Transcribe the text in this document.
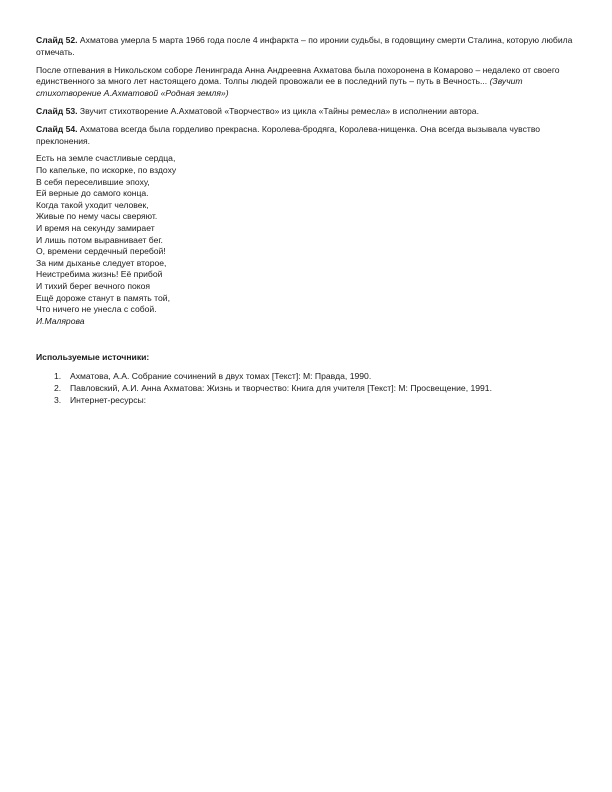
Слайд 52. Ахматова умерла 5 марта 1966 года после 4 инфаркта – по иронии судьбы, в годовщину смерти Сталина, которую любила отмечать.

После отпевания в Никольском соборе Ленинграда Анна Андреевна Ахматова была похоронена в Комарово – недалеко от своего единственного за много лет настоящего дома. Толпы людей провожали ее в последний путь – путь в Вечность... (Звучит стихотворение А.Ахматовой «Родная земля»)

Слайд 53. Звучит стихотворение А.Ахматовой «Творчество» из цикла «Тайны ремесла» в исполнении автора.

Слайд 54. Ахматова всегда была горделиво прекрасна. Королева-бродяга, Королева-нищенка. Она всегда вызывала чувство преклонения.

Есть на земле счастливые сердца,
По капельке, по искорке, по вздоху
В себя переселившие эпоху,
Ей верные до самого конца.
Когда такой уходит человек,
Живые по нему часы сверяют.
И время на секунду замирает
И лишь потом выравнивает бег.
О, времени сердечный перебой!
За ним дыханье следует второе,
Неистребима жизнь! Её прибой
И тихий берег вечного покоя
Ещё дороже станут в память той,
Что ничего не унесла с собой.
И.Малярова
Используемые источники:
1. Ахматова, А.А. Собрание сочинений в двух томах [Текст]: М: Правда, 1990.
2. Павловский, А.И. Анна Ахматова: Жизнь и творчество: Книга для учителя [Текст]: М: Просвещение, 1991.
3. Интернет-ресурсы:
